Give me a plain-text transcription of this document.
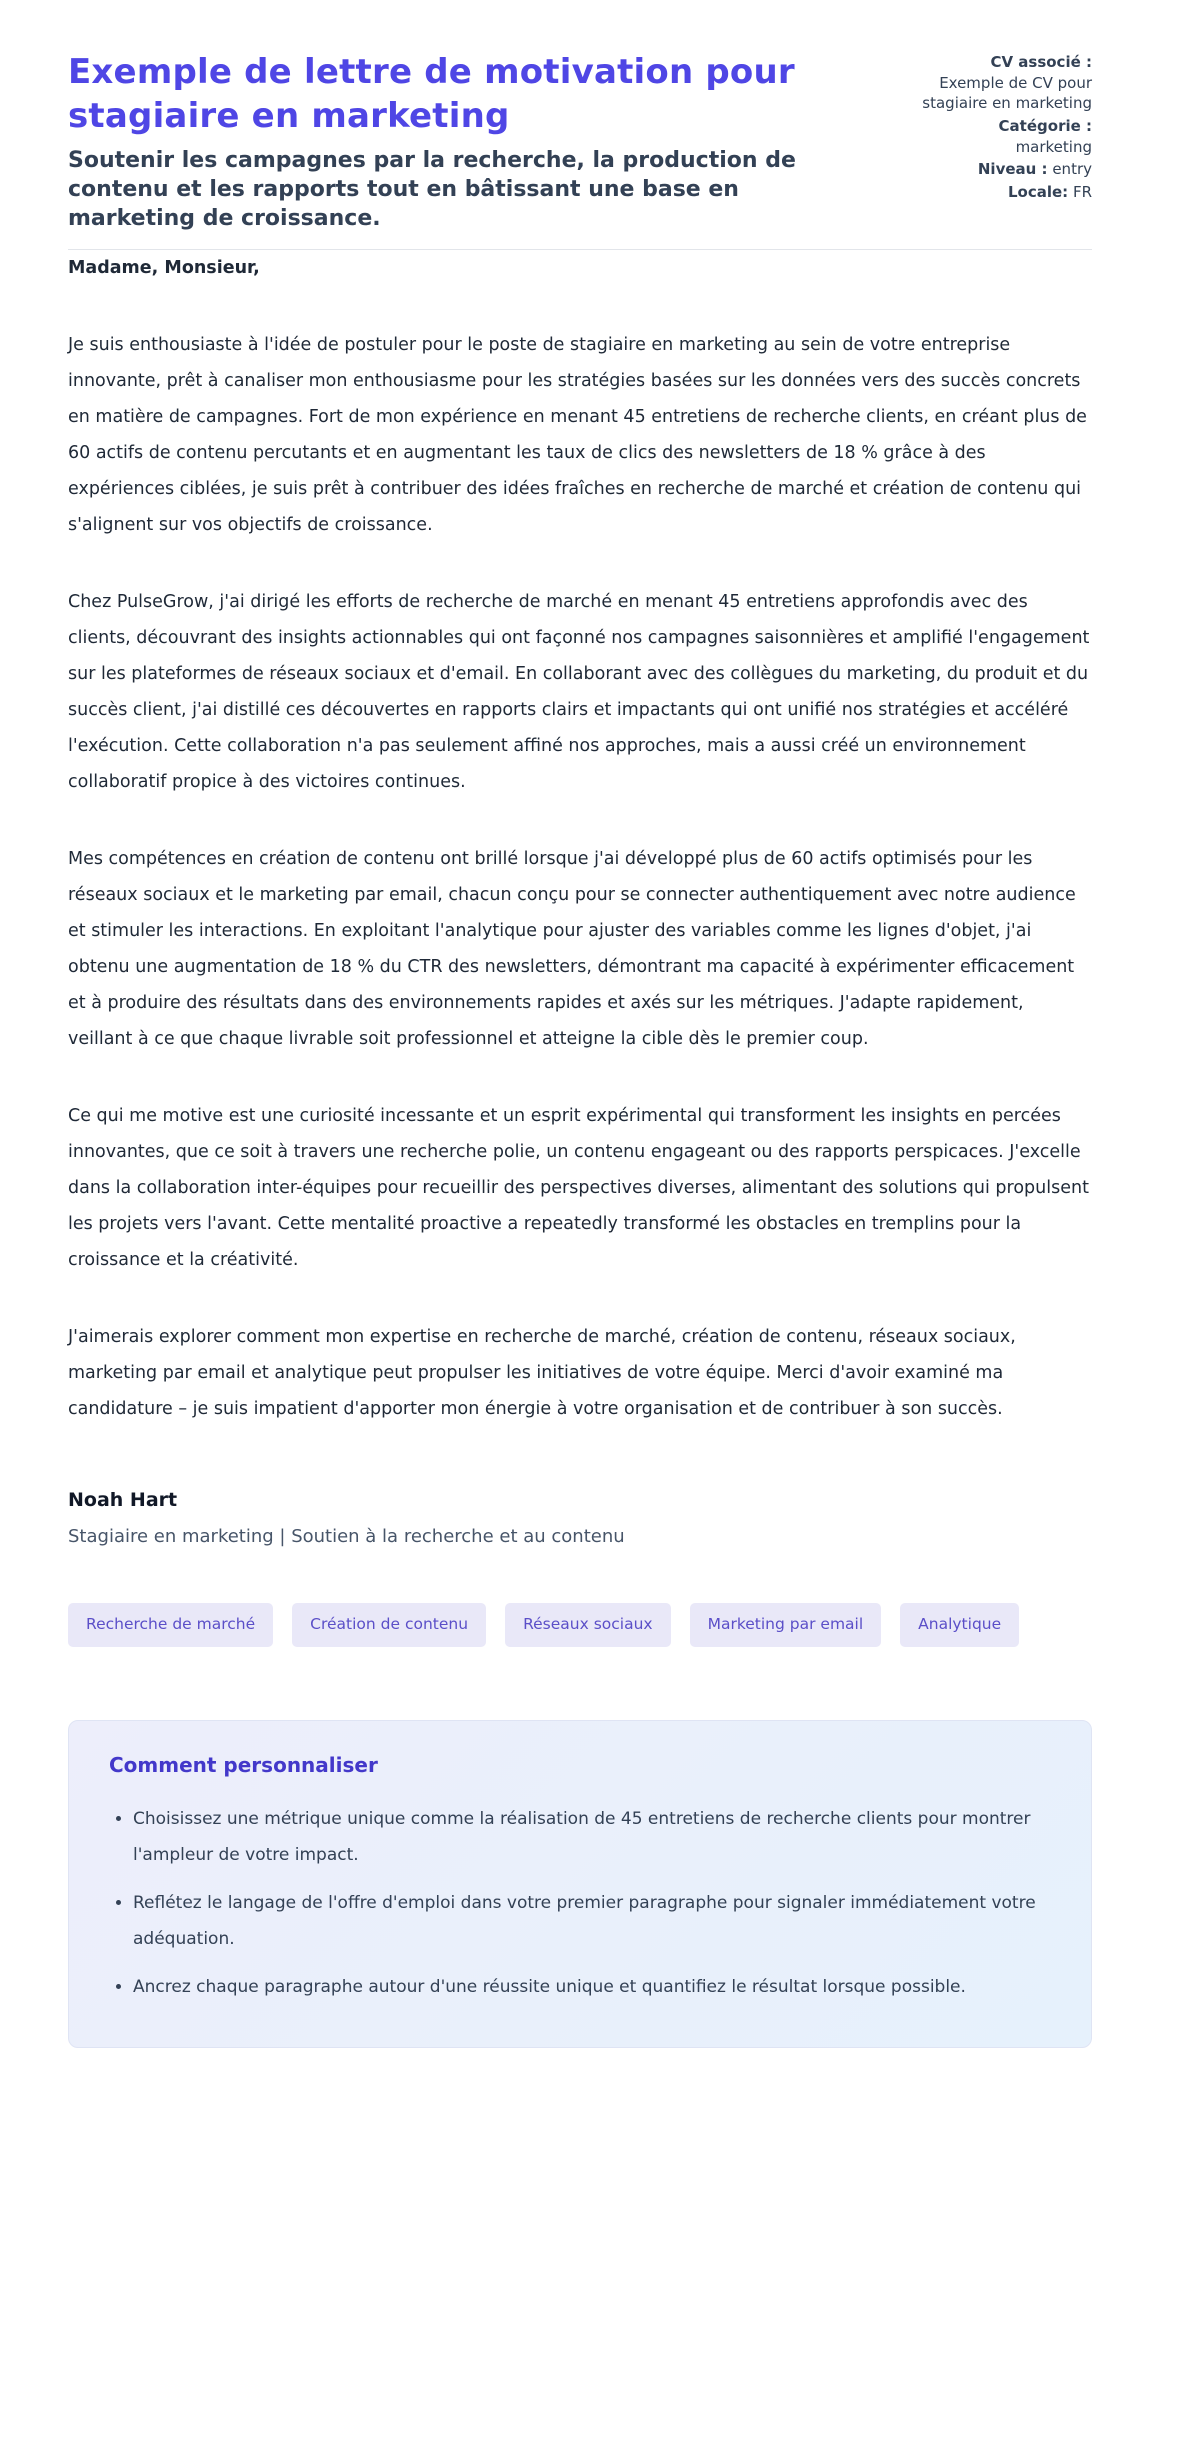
Exemple de lettre de motivation pour stagiaire en marketing

Soutenir les campagnes par la recherche, la production de contenu et les rapports tout en bâtissant une base en marketing de croissance.

CV associé :
Exemple de CV pour stagiaire en marketing
Catégorie :
marketing
Niveau : entry
Locale: FR

Madame, Monsieur,

Je suis enthousiaste à l'idée de postuler pour le poste de stagiaire en marketing au sein de votre entreprise innovante, prêt à canaliser mon enthousiasme pour les stratégies basées sur les données vers des succès concrets en matière de campagnes. Fort de mon expérience en menant 45 entretiens de recherche clients, en créant plus de 60 actifs de contenu percutants et en augmentant les taux de clics des newsletters de 18 % grâce à des expériences ciblées, je suis prêt à contribuer des idées fraîches en recherche de marché et création de contenu qui s'alignent sur vos objectifs de croissance.

Chez PulseGrow, j'ai dirigé les efforts de recherche de marché en menant 45 entretiens approfondis avec des clients, découvrant des insights actionnables qui ont façonné nos campagnes saisonnières et amplifié l'engagement sur les plateformes de réseaux sociaux et d'email. En collaborant avec des collègues du marketing, du produit et du succès client, j'ai distillé ces découvertes en rapports clairs et impactants qui ont unifié nos stratégies et accéléré l'exécution. Cette collaboration n'a pas seulement affiné nos approches, mais a aussi créé un environnement collaboratif propice à des victoires continues.

Mes compétences en création de contenu ont brillé lorsque j'ai développé plus de 60 actifs optimisés pour les réseaux sociaux et le marketing par email, chacun conçu pour se connecter authentiquement avec notre audience et stimuler les interactions. En exploitant l'analytique pour ajuster des variables comme les lignes d'objet, j'ai obtenu une augmentation de 18 % du CTR des newsletters, démontrant ma capacité à expérimenter efficacement et à produire des résultats dans des environnements rapides et axés sur les métriques. J'adapte rapidement, veillant à ce que chaque livrable soit professionnel et atteigne la cible dès le premier coup.

Ce qui me motive est une curiosité incessante et un esprit expérimental qui transforment les insights en percées innovantes, que ce soit à travers une recherche polie, un contenu engageant ou des rapports perspicaces. J'excelle dans la collaboration inter-équipes pour recueillir des perspectives diverses, alimentant des solutions qui propulsent les projets vers l'avant. Cette mentalité proactive a repeatedly transformé les obstacles en tremplins pour la croissance et la créativité.

J'aimerais explorer comment mon expertise en recherche de marché, création de contenu, réseaux sociaux, marketing par email et analytique peut propulser les initiatives de votre équipe. Merci d'avoir examiné ma candidature – je suis impatient d'apporter mon énergie à votre organisation et de contribuer à son succès.

Noah Hart
Stagiaire en marketing | Soutien à la recherche et au contenu
Recherche de marché	Création de contenu	Réseaux sociaux	Marketing par email	Analytique
Comment personnaliser
• Choisissez une métrique unique comme la réalisation de 45 entretiens de recherche clients pour montrer l'ampleur de votre impact.
• Reflétez le langage de l'offre d'emploi dans votre premier paragraphe pour signaler immédiatement votre adéquation.
• Ancrez chaque paragraphe autour d'une réussite unique et quantifiez le résultat lorsque possible.
